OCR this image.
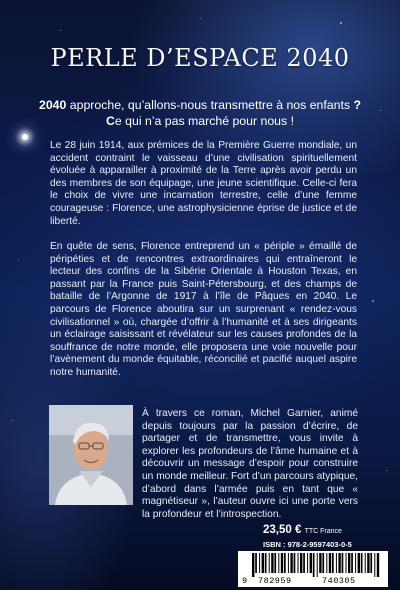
PERLE D’ESPACE 2040
2040 approche, qu’allons-nous transmettre à nos enfants ?
Ce qui n’a pas marché pour nous !
Le 28 juin 1914, aux prémices de la Première Guerre mondiale, un accident contraint le vaisseau d’une civilisation spirituellement évoluée à apparailler à proximité de la Terre après avoir perdu un des membres de son équipage, une jeune scientifique. Celle-ci fera le choix de vivre une incarnation terrestre, celle d’une femme courageuse : Florence, une astrophysicienne éprise de justice et de liberté.
En quête de sens, Florence entreprend un « périple » émaillé de péripéties et de rencontres extraordinaires qui entraîneront le lecteur des confins de la Sibérie Orientale à Houston Texas, en passant par la France puis Saint-Pétersbourg, et des champs de bataille de l’Argonne de 1917 à l’île de Pâques en 2040. Le parcours de Florence aboutira sur un surprenant « rendez-vous civilisationnel » où, chargée d’offrir à l’humanité et à ses dirigeants un éclairage saisissant et révélateur sur les causes profondes de la souffrance de notre monde, elle proposera une voie nouvelle pour l’avènement du monde équitable, réconcilié et pacifié auquel aspire notre humanité.
À travers ce roman, Michel Garnier, animé depuis toujours par la passion d’écrire, de partager et de transmettre, vous invite à explorer les profondeurs de l’âme humaine et à découvrir un message d’espoir pour construire un monde meilleur. Fort d’un parcours atypique, d’abord dans l’armée puis en tant que « magnétiseur », l’auteur ouvre ici une porte vers la profondeur et l’introspection.
23,50 € TTC France
ISBN : 978-2-9597403-0-5
9 782959	740305
